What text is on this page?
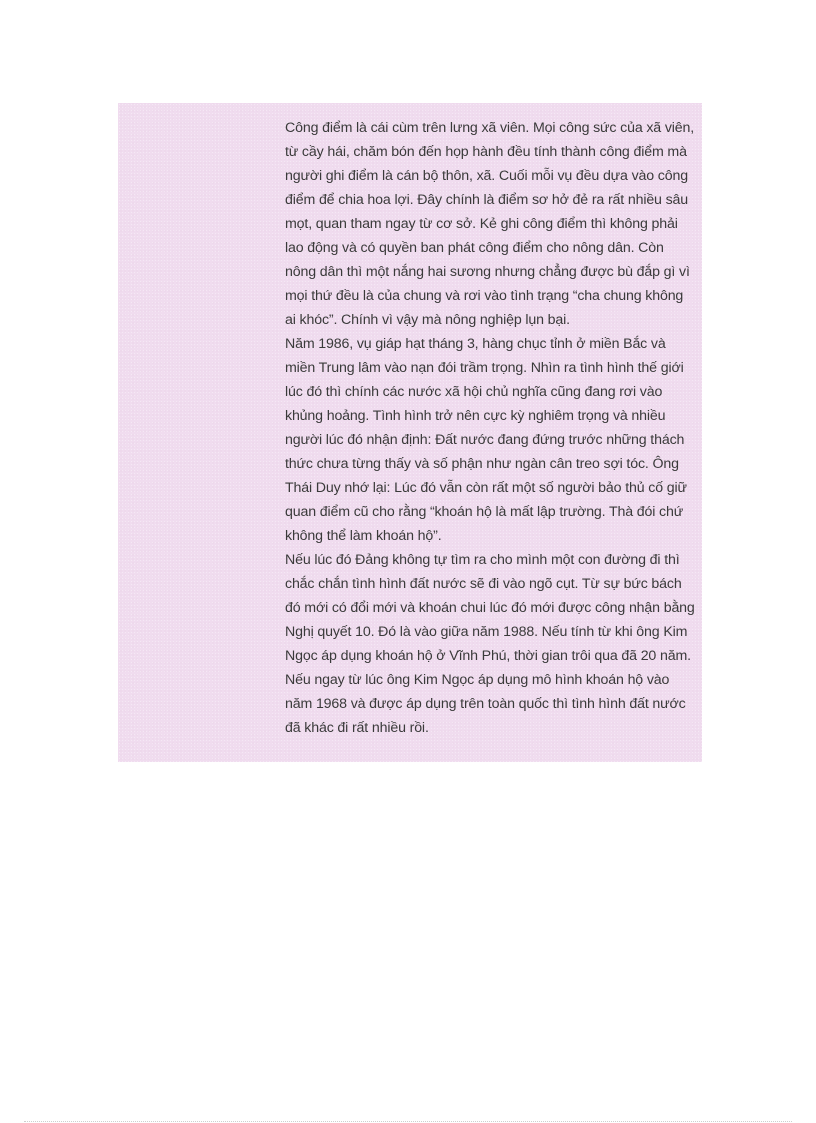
Công điểm là cái cùm trên lưng xã viên. Mọi công sức của xã viên, từ cầy hái, chăm bón đến họp hành đều tính thành công điểm mà người ghi điểm là cán bộ thôn, xã. Cuối mỗi vụ đều dựa vào công điểm để chia hoa lợi. Đây chính là điểm sơ hở đẻ ra rất nhiều sâu mọt, quan tham ngay từ cơ sở. Kẻ ghi công điểm thì không phải lao động và có quyền ban phát công điểm cho nông dân. Còn nông dân thì một nắng hai sương nhưng chẳng được bù đắp gì vì mọi thứ đều là của chung và rơi vào tình trạng “cha chung không ai khóc”. Chính vì vậy mà nông nghiệp lụn bại.

Năm 1986, vụ giáp hạt tháng 3, hàng chục tỉnh ở miền Bắc và miền Trung lâm vào nạn đói trầm trọng. Nhìn ra tình hình thế giới lúc đó thì chính các nước xã hội chủ nghĩa cũng đang rơi vào khủng hoảng. Tình hình trở nên cực kỳ nghiêm trọng và nhiều người lúc đó nhận định: Đất nước đang đứng trước những thách thức chưa từng thấy và số phận như ngàn cân treo sợi tóc. Ông Thái Duy nhớ lại: Lúc đó vẫn còn rất một số người bảo thủ cố giữ quan điểm cũ cho rằng “khoán hộ là mất lập trường. Thà đói chứ không thể làm khoán hộ”.

Nếu lúc đó Đảng không tự tìm ra cho mình một con đường đi thì chắc chắn tình hình đất nước sẽ đi vào ngõ cụt. Từ sự bức bách đó mới có đổi mới và khoán chui lúc đó mới được công nhận bằng Nghị quyết 10. Đó là vào giữa năm 1988. Nếu tính từ khi ông Kim Ngọc áp dụng khoán hộ ở Vĩnh Phú, thời gian trôi qua đã 20 năm. Nếu ngay từ lúc ông Kim Ngọc áp dụng mô hình khoán hộ vào năm 1968 và được áp dụng trên toàn quốc thì tình hình đất nước đã khác đi rất nhiều rồi.
